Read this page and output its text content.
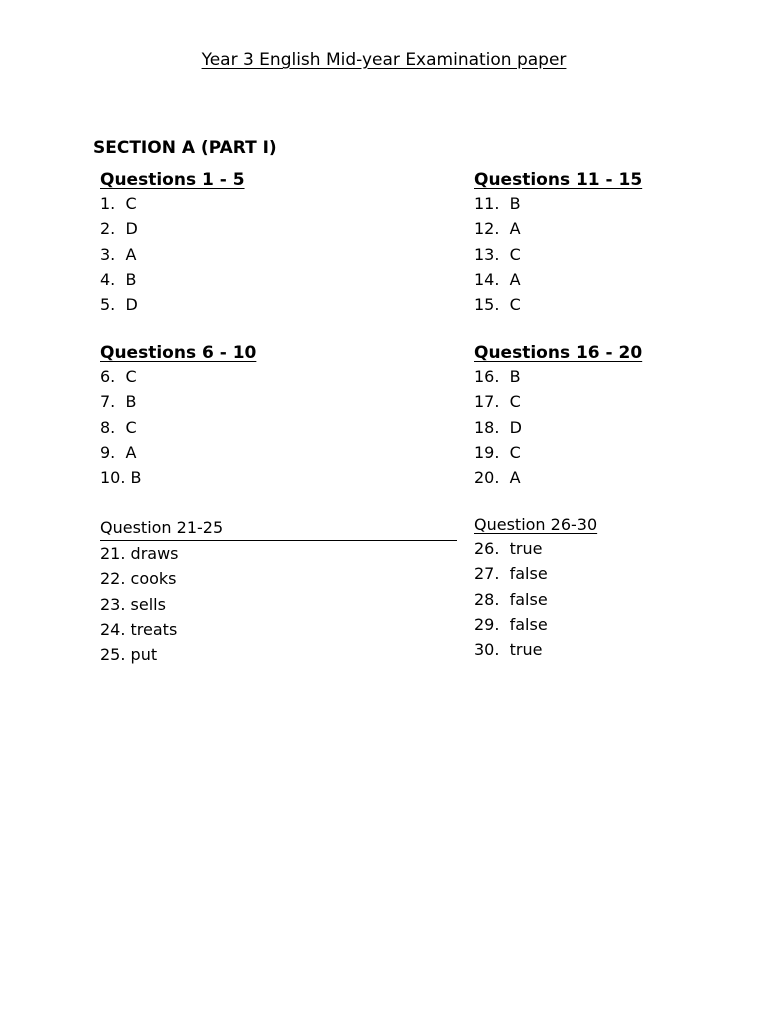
Year 3 English Mid-year Examination paper
SECTION A (PART I)
Questions 1 - 5
1.  C
2.  D
3.  A
4.  B
5.  D
Questions 11 - 15
11.  B
12.  A
13.  C
14.  A
15.  C
Questions 6 - 10
6.  C
7.  B
8.  C
9.  A
10. B
Questions 16 - 20
16.  B
17.  C
18.  D
19.  C
20.  A
Question 21-25
21. draws
22. cooks
23. sells
24. treats
25. put
Question 26-30
26.  true
27.  false
28.  false
29.  false
30.  true
